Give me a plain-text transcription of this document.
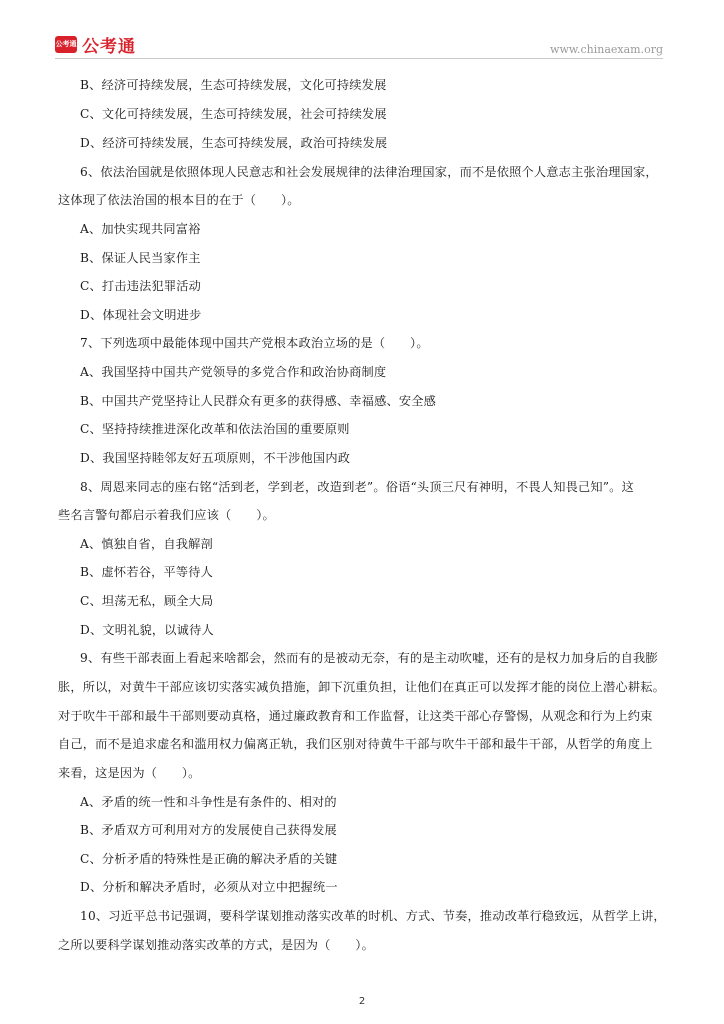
公考通 公考通	www.chinaexam.org
B、经济可持续发展，生态可持续发展，文化可持续发展
C、文化可持续发展，生态可持续发展，社会可持续发展
D、经济可持续发展，生态可持续发展，政治可持续发展
6、依法治国就是依照体现人民意志和社会发展规律的法律治理国家，而不是依照个人意志主张治理国家，
这体现了依法治国的根本目的在于（　　）。
A、加快实现共同富裕
B、保证人民当家作主
C、打击违法犯罪活动
D、体现社会文明进步
7、下列选项中最能体现中国共产党根本政治立场的是（　　）。
A、我国坚持中国共产党领导的多党合作和政治协商制度
B、中国共产党坚持让人民群众有更多的获得感、幸福感、安全感
C、坚持持续推进深化改革和依法治国的重要原则
D、我国坚持睦邻友好五项原则，不干涉他国内政
8、周恩来同志的座右铭“活到老，学到老，改造到老”。俗语“头顶三尺有神明，不畏人知畏己知”。这
些名言警句都启示着我们应该（　　）。
A、慎独自省，自我解剖
B、虚怀若谷，平等待人
C、坦荡无私，顾全大局
D、文明礼貌，以诚待人
9、有些干部表面上看起来啥都会，然而有的是被动无奈，有的是主动吹嘘，还有的是权力加身后的自我膨
胀，所以，对黄牛干部应该切实落实减负措施，卸下沉重负担，让他们在真正可以发挥才能的岗位上潜心耕耘。
对于吹牛干部和最牛干部则要动真格，通过廉政教育和工作监督，让这类干部心存警惕，从观念和行为上约束
自己，而不是追求虚名和滥用权力偏离正轨，我们区别对待黄牛干部与吹牛干部和最牛干部，从哲学的角度上
来看，这是因为（　　）。
A、矛盾的统一性和斗争性是有条件的、相对的
B、矛盾双方可利用对方的发展使自己获得发展
C、分析矛盾的特殊性是正确的解决矛盾的关键
D、分析和解决矛盾时，必须从对立中把握统一
10、习近平总书记强调，要科学谋划推动落实改革的时机、方式、节奏，推动改革行稳致远，从哲学上讲，
之所以要科学谋划推动落实改革的方式，是因为（　　）。
2
